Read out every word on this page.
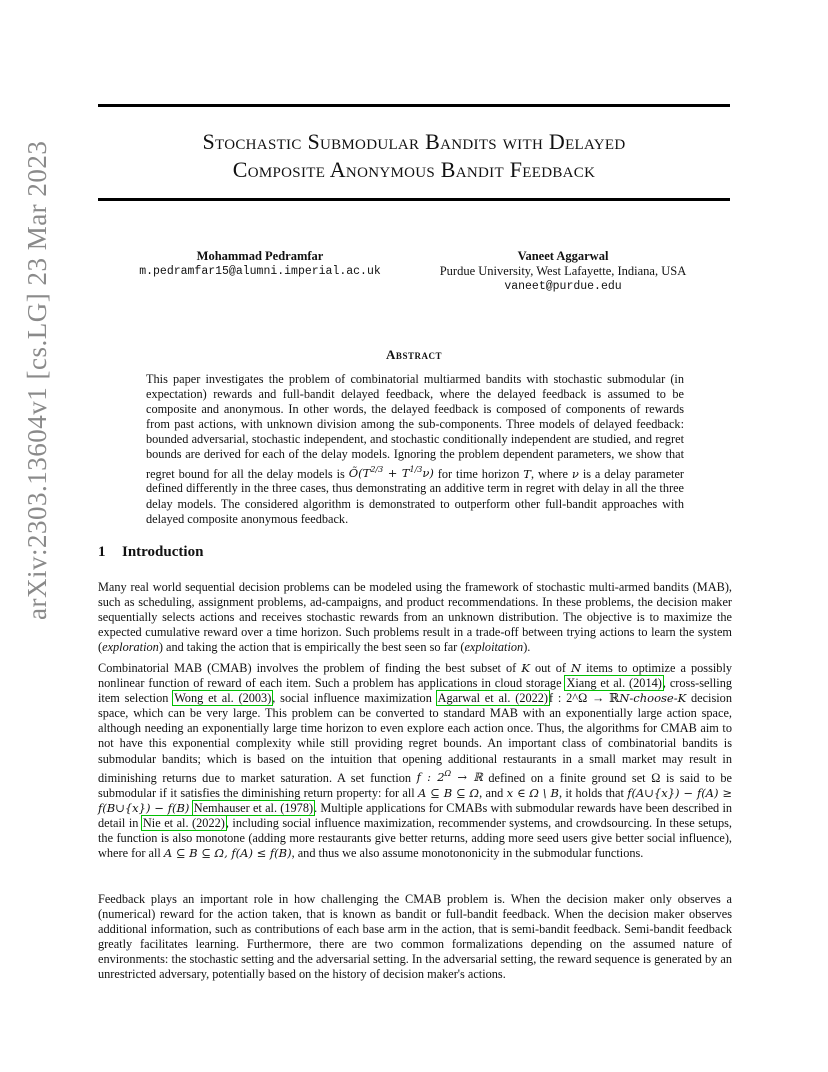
Stochastic Submodular Bandits with Delayed
Composite Anonymous Bandit Feedback
Mohammad Pedramfar
m.pedramfar15@alumni.imperial.ac.uk
Vaneet Aggarwal
Purdue University, West Lafayette, Indiana, USA
vaneet@purdue.edu
arXiv:2303.13604v1 [cs.LG] 23 Mar 2023	Abstract
This paper investigates the problem of combinatorial multiarmed bandits with stochastic submodular (in expectation) rewards and full-bandit delayed feedback, where the delayed feedback is assumed to be composite and anonymous. In other words, the delayed feedback is composed of components of rewards from past actions, with unknown division among the sub-components. Three models of delayed feedback: bounded adversarial, stochastic independent, and stochastic conditionally independent are studied, and regret bounds are derived for each of the delay models. Ignoring the problem dependent parameters, we show that regret bound for all the delay models is $Õ(T^{2/3} + T^{1/3}\nu)$ for time horizon T, where ν is a delay parameter defined differently in the three cases, thus demonstrating an additive term in regret with delay in all the three delay models. The considered algorithm is demonstrated to outperform other full-bandit approaches with delayed composite anonymous feedback.
1 Introduction
Many real world sequential decision problems can be modeled using the framework of stochastic multi-armed bandits (MAB), such as scheduling, assignment problems, ad-campaigns, and product recommendations. In these problems, the decision maker sequentially selects actions and receives stochastic rewards from an unknown distribution. The objective is to maximize the expected cumulative reward over a time horizon. Such problems result in a trade-off between trying actions to learn the system (exploration) and taking the action that is empirically the best seen so far (exploitation).
Combinatorial MAB (CMAB) involves the problem of finding the best subset of K out of N items to optimize a possibly nonlinear function of reward of each item. Such a problem has applications in cloud storage Xiang et al. (2014), cross-selling item selection Wong et al. (2003), social influence maximization Agarwal et al. (2022)f : 2^Ω → ℝN-choose-K decision space, which can be very large. This problem can be converted to standard MAB with an exponentially large action space, although needing an exponentially large time horizon to even explore each action once. Thus, the algorithms for CMAB aim to not have this exponential complexity while still providing regret bounds. An important class of combinatorial bandits is submodular bandits; which is based on the intuition that opening additional restaurants in a small market may result in diminishing returns due to market saturation. A set function f : $2^\Omega$ → ℝ defined on a finite ground set Ω is said to be submodular if it satisfies the diminishing return property: for all A ⊆ B ⊆ Ω, and x ∈ Ω \ B, it holds that f(A∪{x}) − f(A) ≥ f(B∪{x}) − f(B) Nemhauser et al. (1978). Multiple applications for CMABs with submodular rewards have been described in detail in Nie et al. (2022), including social influence maximization, recommender systems, and crowdsourcing. In these setups, the function is also monotone (adding more restaurants give better returns, adding more seed users give better social influence), where for all A ⊆ B ⊆ Ω, f(A) ≤ f(B), and thus we also assume monotononicity in the submodular functions.
Feedback plays an important role in how challenging the CMAB problem is. When the decision maker only observes a (numerical) reward for the action taken, that is known as bandit or full-bandit feedback. When the decision maker observes additional information, such as contributions of each base arm in the action, that is semi-bandit feedback. Semi-bandit feedback greatly facilitates learning. Furthermore, there are two common formalizations depending on the assumed nature of environments: the stochastic setting and the adversarial setting. In the adversarial setting, the reward sequence is generated by an unrestricted adversary, potentially based on the history of decision maker's actions.
